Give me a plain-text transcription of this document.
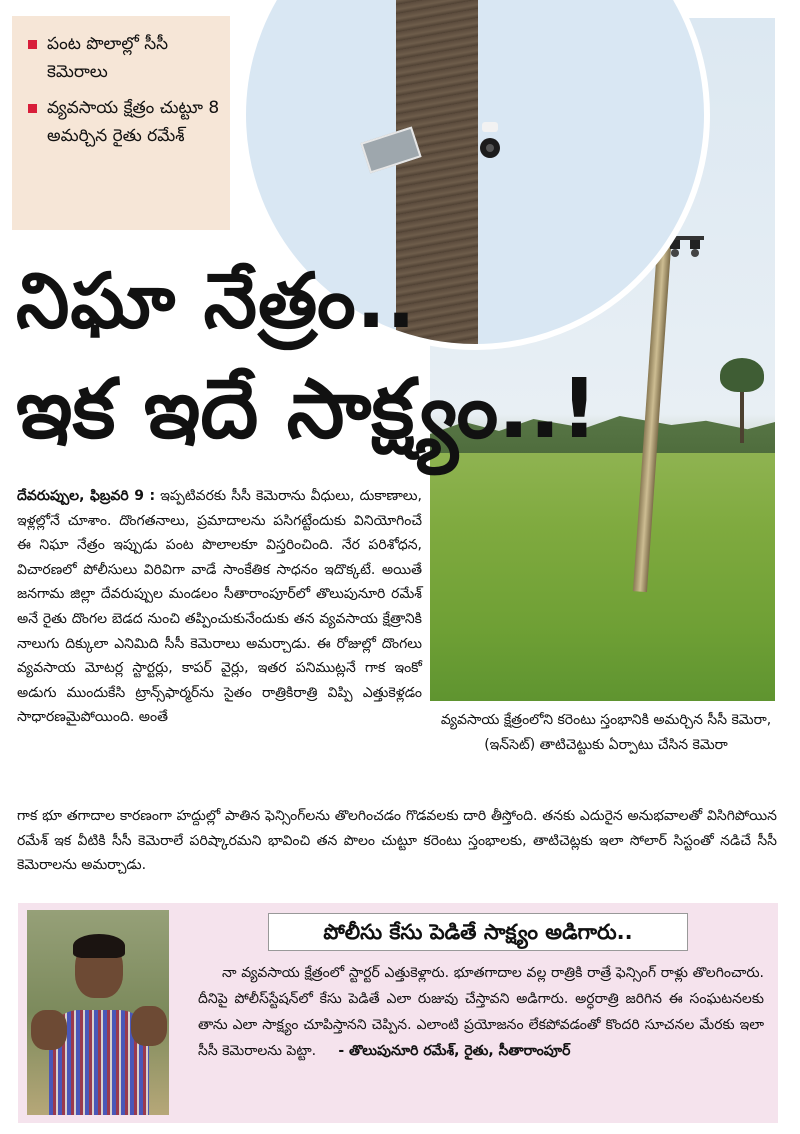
పంట పొలాల్లో సీసీ కెమెరాలు
వ్యవసాయ క్షేత్రం చుట్టూ 8 అమర్చిన రైతు రమేశ్
నిఘా నేత్రం..
ఇక ఇదే సాక్ష్యం..!
దేవరుప్పుల, ఫిబ్రవరి 9 : ఇప్పటివరకు సీసీ కెమెరాను వీధులు, దుకాణాలు, ఇళ్లల్లోనే చూశాం. దొంగతనాలు, ప్రమాదాలను పసిగట్టేందుకు వినియోగించే ఈ నిఘా నేత్రం ఇప్పుడు పంట పొలాలకూ విస్తరించింది. నేర పరిశోధన, విచారణలో పోలీసులు విరివిగా వాడే సాంకేతిక సాధనం ఇదొక్కటే. అయితే జనగామ జిల్లా దేవరుప్పుల మండలం సీతారాంపూర్‌లో తొలుపునూరి రమేశ్ అనే రైతు దొంగల బెడద నుంచి తప్పించుకునేందుకు తన వ్యవసాయ క్షేత్రానికి నాలుగు దిక్కులా ఎనిమిది సీసీ కెమెరాలు అమర్చాడు. ఈ రోజుల్లో దొంగలు వ్యవసాయ మోటర్ల స్టార్టర్లు, కాపర్ వైర్లు, ఇతర పనిముట్లనే గాక ఇంకో అడుగు ముందుకేసి ట్రాన్స్‌ఫార్మర్‌ను సైతం రాత్రికిరాత్రి విప్పి ఎత్తుకెళ్లడం సాధారణమైపోయింది. అంతే	వ్యవసాయ క్షేత్రంలోని కరెంటు స్తంభానికి అమర్చిన సీసీ కెమెరా, (ఇన్‌సెట్) తాటిచెట్టుకు ఏర్పాటు చేసిన కెమెరా
గాక భూ తగాదాల కారణంగా హద్దుల్లో పాతిన ఫెన్సింగ్‌లను తొలగించడం గొడవలకు దారి తీస్తోంది. తనకు ఎదురైన అనుభవాలతో విసిగిపోయిన రమేశ్ ఇక వీటికి సీసీ కెమెరాలే పరిష్కారమని భావించి తన పొలం చుట్టూ కరెంటు స్తంభాలకు, తాటిచెట్లకు ఇలా సోలార్ సిస్టంతో నడిచే సీసీ కెమెరాలను అమర్చాడు.
పోలీసు కేసు పెడితే సాక్ష్యం అడిగారు..
నా వ్యవసాయ క్షేత్రంలో స్టార్టర్ ఎత్తుకెళ్లారు. భూతగాదాల వల్ల రాత్రికి రాత్రే ఫెన్సింగ్ రాళ్లు తొలగించారు. దీనిపై పోలీస్‌స్టేషన్‌లో కేసు పెడితే ఎలా రుజువు చేస్తావని అడిగారు. అర్ధరాత్రి జరిగిన ఈ సంఘటనలకు తాను ఎలా సాక్ష్యం చూపిస్తానని చెప్పిన. ఎలాంటి ప్రయోజనం లేకపోవడంతో కొందరి సూచనల మేరకు ఇలా సీసీ కెమెరాలను పెట్టా. - తొలుపునూరి రమేశ్, రైతు, సీతారాంపూర్
